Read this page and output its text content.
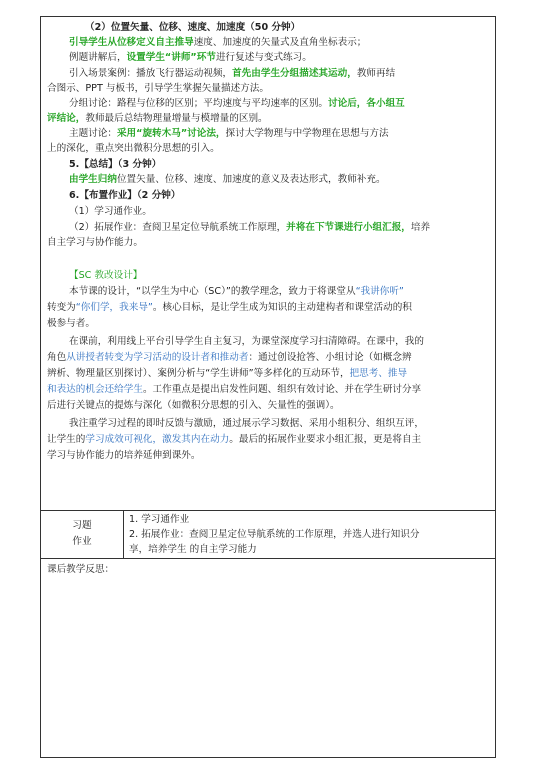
（2）位置矢量、位移、速度、加速度（50 分钟）
引导学生从位移定义自主推导速度、加速度的矢量式及直角坐标表示；
例题讲解后，设置学生“讲师”环节进行复述与变式练习。
引入场景案例：播放飞行器运动视频，首先由学生分组描述其运动，教师再结
合图示、PPT 与板书，引导学生掌握矢量描述方法。
分组讨论：路程与位移的区别；平均速度与平均速率的区别。讨论后，各小组互
评结论，教师最后总结物理量增量与模增量的区别。
主题讨论：采用“旋转木马”讨论法，探讨大学物理与中学物理在思想与方法
上的深化，重点突出微积分思想的引入。
5.【总结】（3 分钟）
由学生归纳位置矢量、位移、速度、加速度的意义及表达形式，教师补充。
6.【布置作业】（2 分钟）
（1）学习通作业。
（2）拓展作业：查阅卫星定位导航系统工作原理，并将在下节课进行小组汇报，培养
自主学习与协作能力。
【SC 教改设计】
本节课的设计，“以学生为中心（SC）”的教学理念，致力于将课堂从“我讲你听”
转变为“你们学，我来导”。核心目标，是让学生成为知识的主动建构者和课堂活动的积
极参与者。
在课前，利用线上平台引导学生自主复习，为课堂深度学习扫清障碍。在课中，我的
角色从讲授者转变为学习活动的设计者和推动者：通过创设抢答、小组讨论（如概念辨
辨析、物理量区别探讨）、案例分析与“学生讲师”等多样化的互动环节，把思考、推导
和表达的机会还给学生。工作重点是提出启发性问题、组织有效讨论、并在学生研讨分享
后进行关键点的提炼与深化（如微积分思想的引入、矢量性的强调）。
我注重学习过程的即时反馈与激励，通过展示学习数据、采用小组积分、组织互评，
让学生的学习成效可视化，激发其内在动力。最后的拓展作业要求小组汇报，更是将自主
学习与协作能力的培养延伸到课外。
习题
作业
1. 学习通作业
2. 拓展作业：查阅卫星定位导航系统的工作原理，并选人进行知识分
享，培养学生 的自主学习能力
课后教学反思：
